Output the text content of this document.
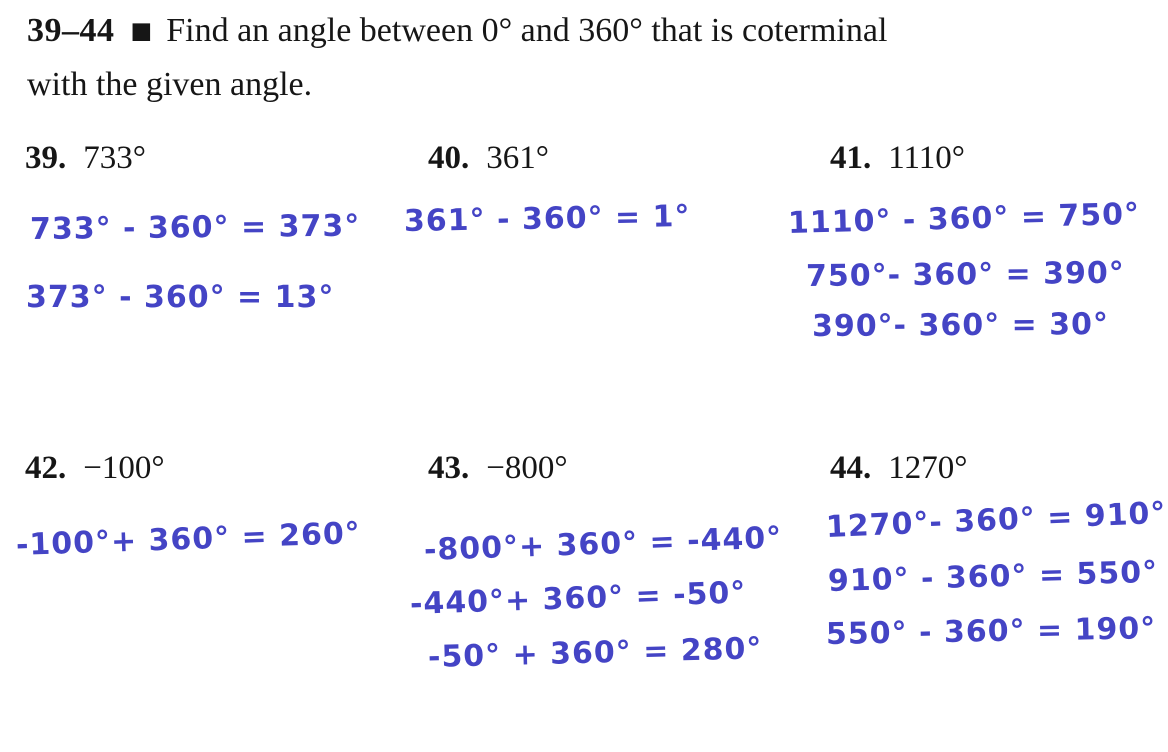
39–44 ■ Find an angle between 0° and 360° that is coterminal
with the given angle.
39. 733°	40. 361°	41. 1110°
42. −100°	43. −800°	44. 1270°
733° - 360° = 373°
373° - 360° = 13°
361° - 360° = 1°	1110° - 360° = 750°
750°- 360° = 390°
390°- 360° = 30°
-100°+ 360° = 260° -800°+ 360° = -440°
-440°+ 360° = -50°
-50° + 360° = 280°
1270°- 360° = 910°
910° - 360° = 550°
550° - 360° = 190°
